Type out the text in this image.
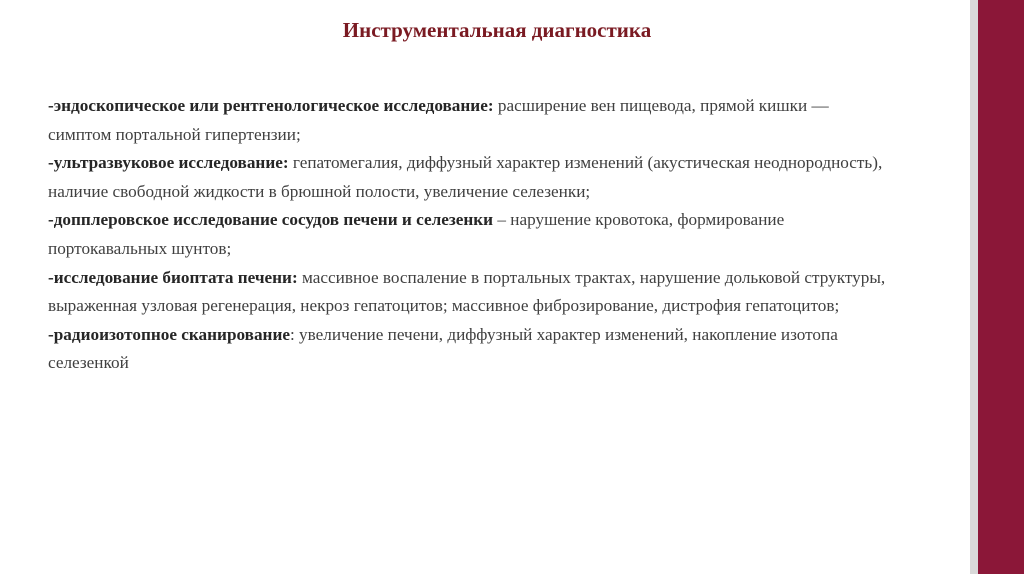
Инструментальная диагностика

-эндоскопическое или рентгенологическое исследование: расширение вен пищевода, прямой кишки — симптом портальной гипертензии;

-ультразвуковое исследование: гепатомегалия, диффузный характер изменений (акустическая неоднородность), наличие свободной жидкости в брюшной полости, увеличение селезенки;

-допплеровское исследование сосудов печени и селезенки – нарушение кровотока, формирование портокавальных шунтов;

-исследование биоптата печени: массивное воспаление в портальных трактах, нарушение дольковой структуры, выраженная узловая регенерация, некроз гепатоцитов; массивное фиброзирование, дистрофия гепатоцитов;

-радиоизотопное сканирование: увеличение печени, диффузный характер изменений, накопление изотопа селезенкой
